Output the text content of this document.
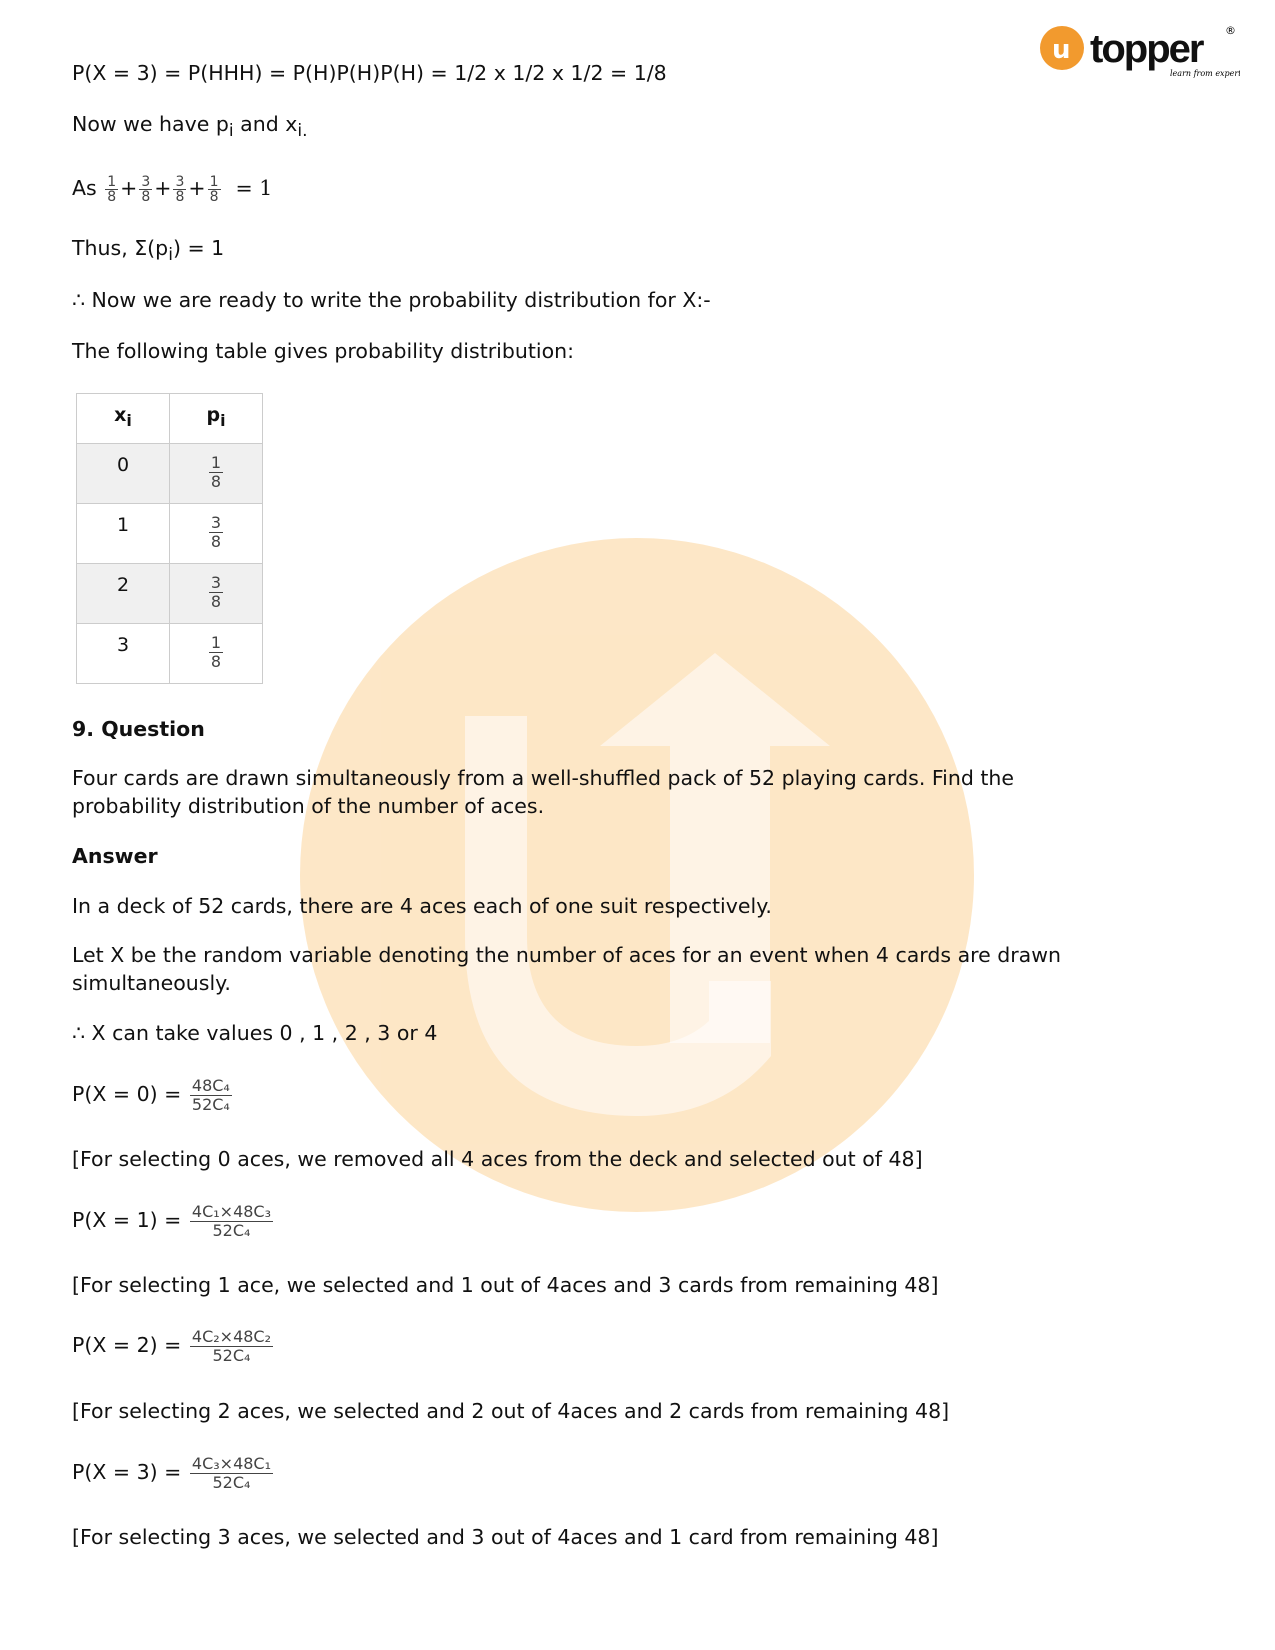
u topper ®
learn from experts
P(X = 3) = P(HHH) = P(H)P(H)P(H) = 1/2 x 1/2 x 1/2 = 1/8
Now we have $p_i$ and $x_{i.}$
As $\frac{1}{8} + \frac{3}{8} + \frac{3}{8} + \frac{1}{8} = 1$
Thus, $\Sigma(p_i) = 1$
∴ Now we are ready to write the probability distribution for X:-
The following table gives probability distribution:
$x_i$	$p_i$
0	$\frac{1}{8}$

1	$\frac{3}{8}$

2	$\frac{3}{8}$

3	$\frac{1}{8}$
9. Question
Four cards are drawn simultaneously from a well-shuffled pack of 52 playing cards. Find the
probability distribution of the number of aces.
Answer
In a deck of 52 cards, there are 4 aces each of one suit respectively.
Let X be the random variable denoting the number of aces for an event when 4 cards are drawn
simultaneously.
∴ X can take values 0 , 1 , 2 , 3 or 4
$P(X = 0) = \frac{\text{48C₄}}{\text{52C₄}}$
[For selecting 0 aces, we removed all 4 aces from the deck and selected out of 48]
$P(X = 1) = \frac{\text{4C₁×48C₃}}{\text{52C₄}}$
[For selecting 1 ace, we selected and 1 out of 4aces and 3 cards from remaining 48]
$P(X = 2) = \frac{\text{4C₂×48C₂}}{\text{52C₄}}$
[For selecting 2 aces, we selected and 2 out of 4aces and 2 cards from remaining 48]
$P(X = 3) = \frac{\text{4C₃×48C₁}}{\text{52C₄}}$
[For selecting 3 aces, we selected and 3 out of 4aces and 1 card from remaining 48]
